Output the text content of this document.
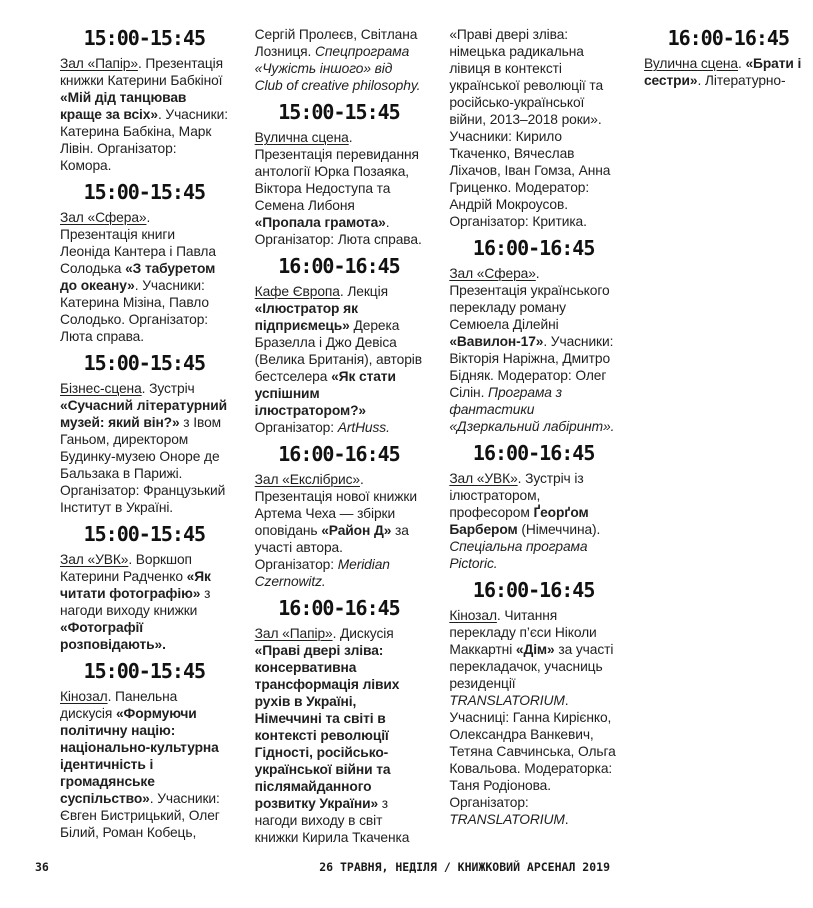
15:00-15:45

Зал «Папір». Презентація книжки Катерини Бабкіної «Мій дід танцював краще за всіх». Учасники: Катерина Бабкіна, Марк Лівін. Організатор: Комора.

15:00-15:45

Зал «Сфера». Презентація книги Леоніда Кантера і Павла Солодька «З табуретом до океану». Учасники: Катерина Мізіна, Павло Солодько. Організатор: Люта справа.

15:00-15:45

Бізнес-сцена. Зустріч «Сучасний літературний музей: який він?» з Івом Ганьом, директором Будинку-музею Оноре де Бальзака в Парижі. Організатор: Французький Інститут в Україні.

15:00-15:45

Зал «УВК». Воркшоп Катерини Радченко «Як читати фотографію» з нагоди виходу книжки «Фотографії розповідають».

15:00-15:45

Кінозал. Панельна дискусія «Формуючи політичну націю: національно-культурна ідентичність і громадянське суспільство». Учасники: Євген Бистрицький, Олег Білий, Роман Кобець, Сергій Пролеєв, Світлана Лозниця. Спецпрограма «Чужість іншого» від Club of creative philosophy.

15:00-15:45

Вулична сцена. Презентація перевидання антології Юрка Позаяка, Віктора Недоступа та Семена Либоня «Пропала грамота». Організатор: Люта справа.

16:00-16:45

Кафе Європа. Лекція «Ілюстратор як підприємець» Дерека Бразелла і Джо Девіса (Велика Британія), авторів бестселера «Як стати успішним ілюстратором?» Організатор: ArtHuss.

16:00-16:45

Зал «Екслібрис». Презентація нової книжки Артема Чеха — збірки оповідань «Район Д» за участі автора. Організатор: Meridian Czernowitz.

16:00-16:45

Зал «Папір». Дискусія «Праві двері зліва: консервативна трансформація лівих рухів в Україні, Німеччині та світі в контексті революції Гідності, російсько-української війни та післямайданного розвитку України» з нагоди виходу в світ книжки Кирила Ткаченка «Праві двері зліва: німецька радикальна лівиця в контексті української революції та російсько-української війни, 2013–2018 роки». Учасники: Кирило Ткаченко, Вячеслав Ліхачов, Іван Гомза, Анна Гриценко. Модератор: Андрій Мокроусов. Організатор: Критика.

16:00-16:45

Зал «Сфера». Презентація українського перекладу роману Семюела Ділейні «Вавилон-17». Учасники: Вікторія Наріжна, Дмитро Бідняк. Модератор: Олег Сілін. Програма з фантастики «Дзеркальний лабіринт».

16:00-16:45

Зал «УВК». Зустріч із ілюстратором, професором Ґеорґом Барбером (Німеччина). Спеціальна програма Pictoric.

16:00-16:45

Кінозал. Читання перекладу п’єси Ніколи Маккартні «Дім» за участі перекладачок, учасниць резиденції TRANSLATORIUM. Учасниці: Ганна Кирієнко, Олександра Ванкевич, Тетяна Савчинська, Ольга Ковальова. Модераторка: Таня Родіонова. Організатор: TRANSLATORIUM.

16:00-16:45

Вулична сцена. «Брати і сестри». Літературно-

36	26 ТРАВНЯ, НЕДІЛЯ / КНИЖКОВИЙ АРСЕНАЛ 2019
